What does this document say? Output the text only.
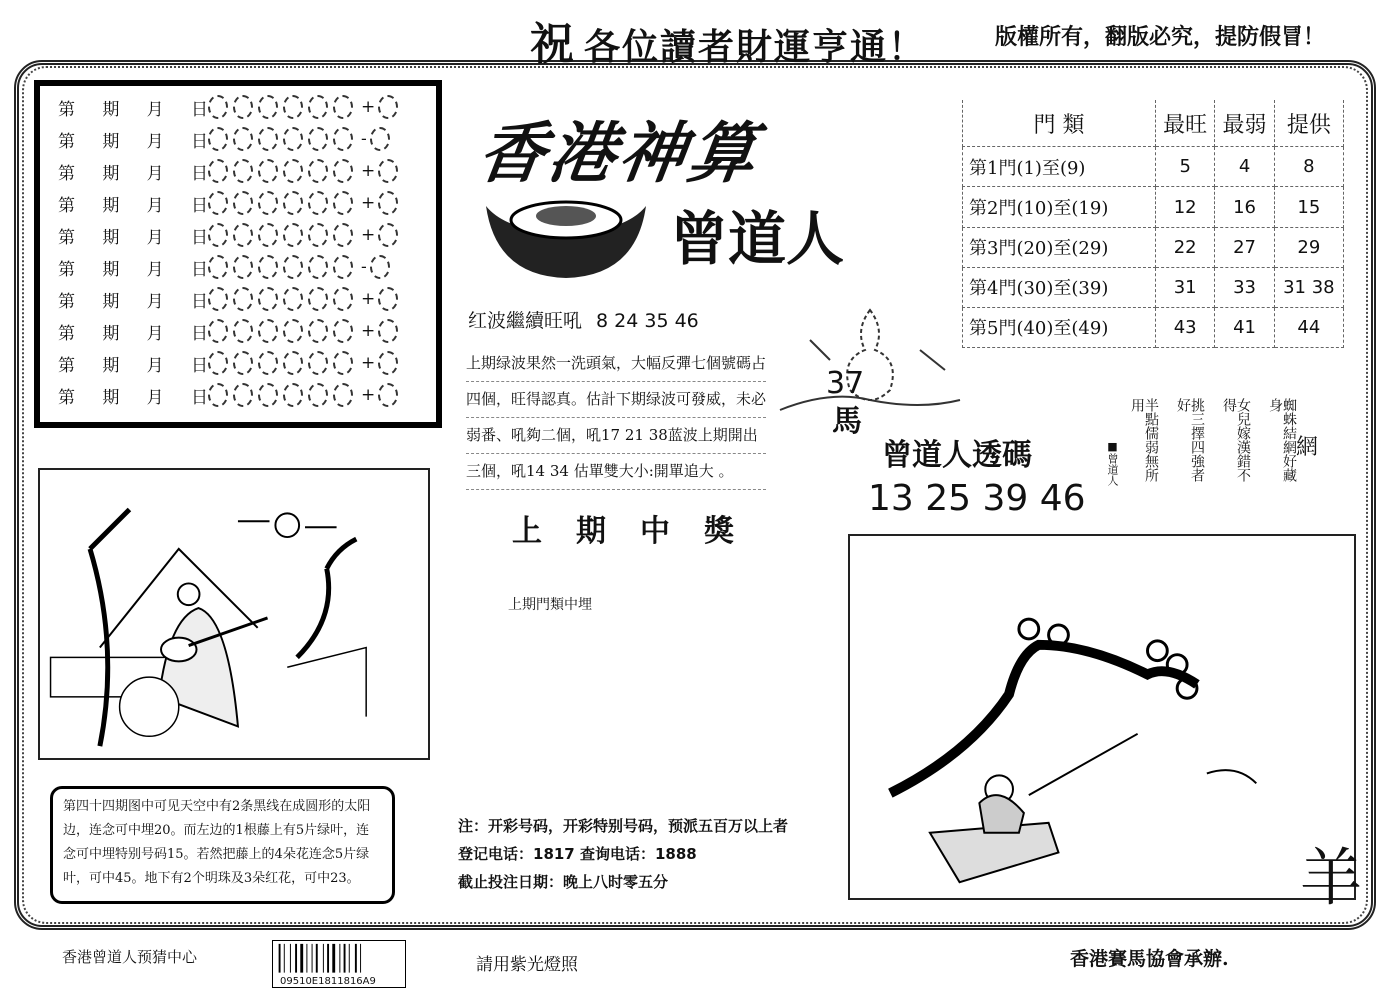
祝 各位讀者財運亨通！	版權所有，翻版必究，提防假冒！
第 期 月 日	+
第 期 月 日	-
第 期 月 日	+
第 期 月 日	+
第 期 月 日	+
第 期 月 日	-
第 期 月 日	+
第 期 月 日	+
第 期 月 日	+
第 期 月 日	+
香港神算
曾道人
红波繼續旺吼 8 24 35 46
上期绿波果然一洗頭氣，大幅反彈七個號碼占
四個，旺得認真。估計下期绿波可發威，未必
弱番、吼夠二個，吼17 21 38蓝波上期開出
三個，吼14 34 估單雙大小:開單追大 。
上期中獎
上期門類中埋
37
馬
曾道人透碼
13 25 39 46
門 類	最旺	最弱	提供
第1門(1)至(9)	5	4	8
第2門(10)至(19)	12	16	15
第3門(20)至(29)	22	27	29
第4門(30)至(39)	31	33	31 38
第5門(40)至(49)	43	41	44
蜘蛛結網好藏身
女兒嫁漢錯不得
挑三擇四強者好
半點儒弱無所用
網
■曾道人
第四十四期图中可见天空中有2条黑线在成圆形的太阳边，连念可中埋20。而左边的1根藤上有5片绿叶，连念可中埋特别号码15。若然把藤上的4朵花连念5片绿叶，可中45。地下有2个明珠及3朵红花，可中23。
注：开彩号码，开彩特别号码，预派五百万以上者
登记电话：1817 查询电话：1888
截止投注日期：晚上八时零五分	羊
香港曾道人预猜中心
09510E1811816A9
請用紫光燈照	香港賽馬協會承辦.
